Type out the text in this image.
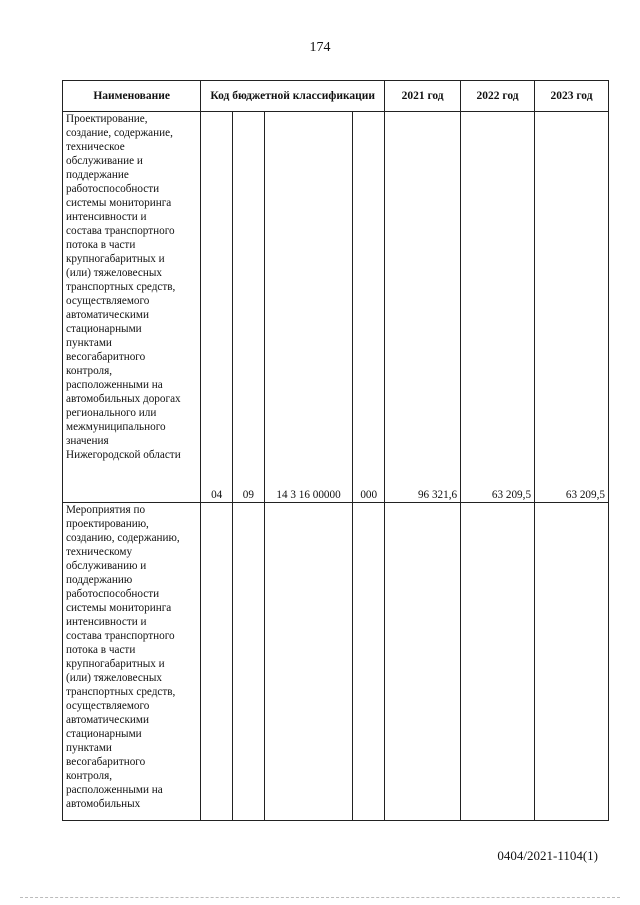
174
Наименование	Код бюджетной классификации				2021 год	2022 год	2023 год

Проектирование, создание, содержание, техническое обслуживание и поддержание работоспособности системы мониторинга интенсивности и состава транспортного потока в части крупногабаритных и (или) тяжеловесных транспортных средств, осуществляемого автоматическими стационарными пунктами весогабаритного контроля, расположенными на автомобильных дорогах регионального или межмуниципального значения Нижегородской области	04	09	14 3 16 00000	000	96 321,6	63 209,5	63 209,5

Мероприятия по проектированию, созданию, содержанию, техническому обслуживанию и поддержанию работоспособности системы мониторинга интенсивности и состава транспортного потока в части крупногабаритных и (или) тяжеловесных транспортных средств, осуществляемого автоматическими стационарными пунктами весогабаритного контроля, расположенными на автомобильных							

0404/2021-1104(1)
